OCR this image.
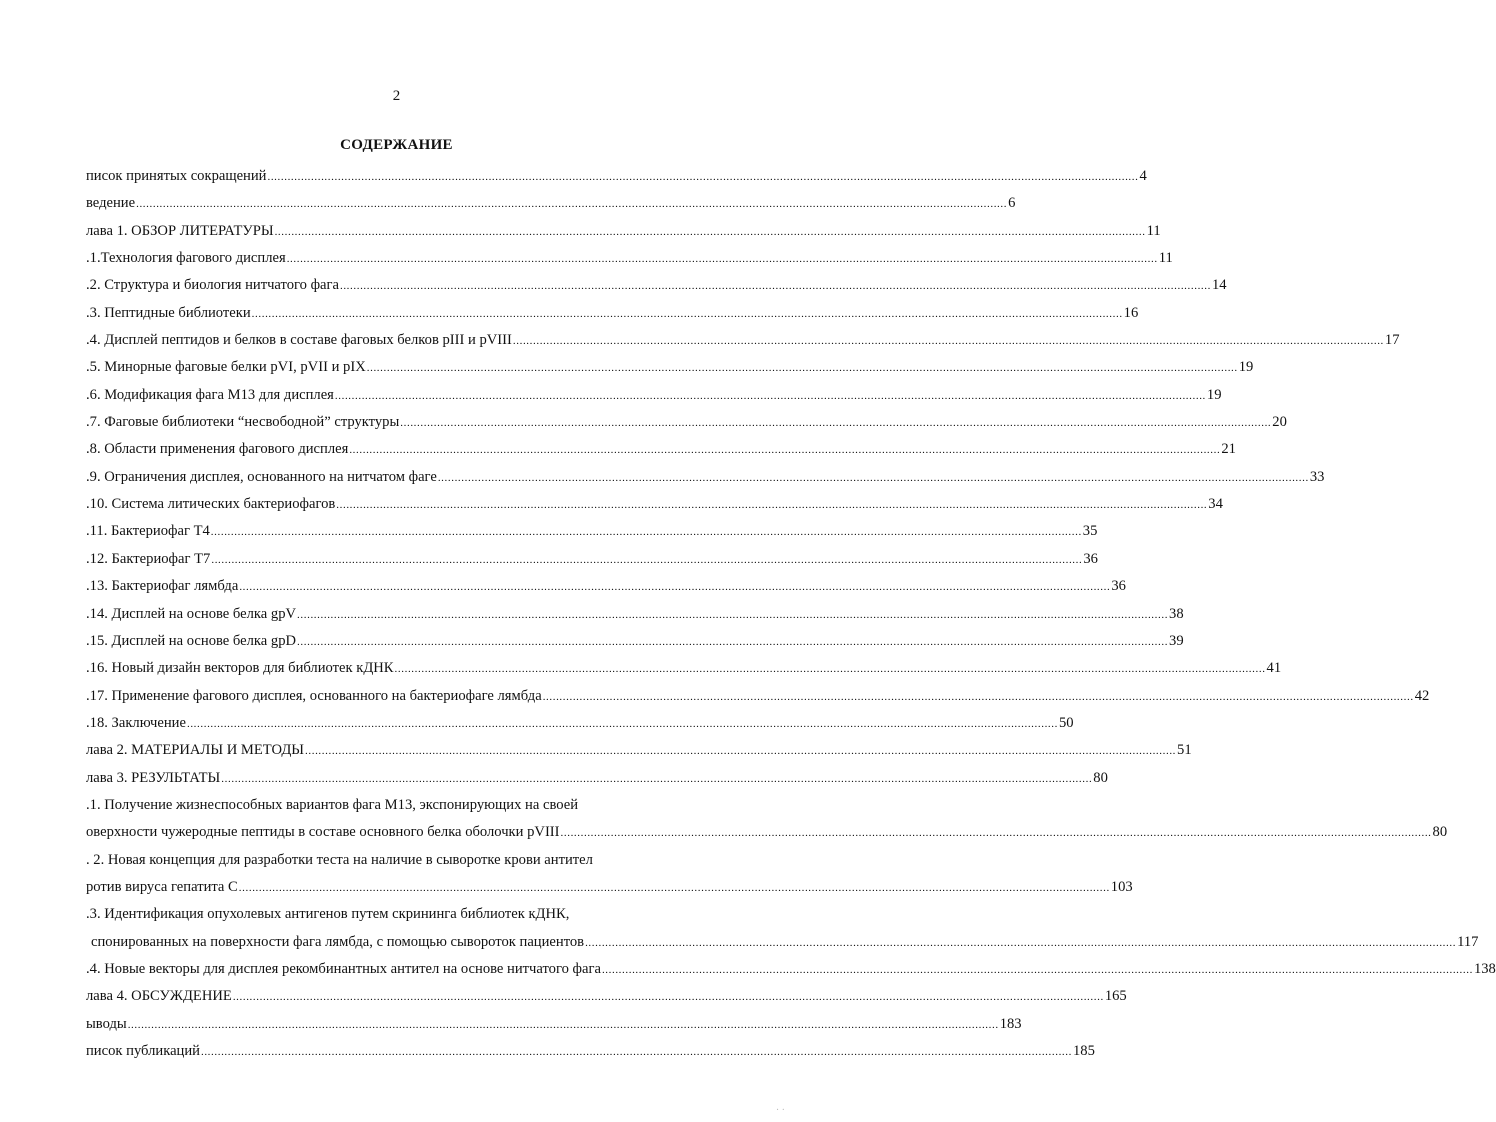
2
СОДЕРЖАНИЕ
писок принятых сокращений .................................................................................................................................................................................................................................................................... 4
ведение .................................................................................................................................................................................................................................................................... 6
лава 1. ОБЗОР ЛИТЕРАТУРЫ .................................................................................................................................................................................................................................................................... 11
.1.Технология фагового дисплея .................................................................................................................................................................................................................................................................... 11
.2. Структура и биология нитчатого фага .................................................................................................................................................................................................................................................................... 14
.3. Пептидные библиотеки .................................................................................................................................................................................................................................................................... 16
.4. Дисплей пептидов и белков в составе фаговых белков pIII и pVIII .................................................................................................................................................................................................................................................................... 17
.5. Минорные фаговые белки pVI, pVII и pIX .................................................................................................................................................................................................................................................................... 19
.6. Модификация фага М13 для дисплея .................................................................................................................................................................................................................................................................... 19
.7. Фаговые библиотеки “несвободной” структуры .................................................................................................................................................................................................................................................................... 20
.8. Области применения фагового дисплея .................................................................................................................................................................................................................................................................... 21
.9. Ограничения дисплея, основанного на нитчатом фаге .................................................................................................................................................................................................................................................................... 33
.10. Система литических бактериофагов .................................................................................................................................................................................................................................................................... 34
.11. Бактериофаг Т4 .................................................................................................................................................................................................................................................................... 35
.12. Бактериофаг Т7 .................................................................................................................................................................................................................................................................... 36
.13. Бактериофаг лямбда .................................................................................................................................................................................................................................................................... 36
.14. Дисплей на основе белка gpV .................................................................................................................................................................................................................................................................... 38
.15. Дисплей на основе белка gpD .................................................................................................................................................................................................................................................................... 39
.16. Новый дизайн векторов для библиотек кДНК .................................................................................................................................................................................................................................................................... 41
.17. Применение фагового дисплея, основанного на бактериофаге лямбда .................................................................................................................................................................................................................................................................... 42
.18. Заключение .................................................................................................................................................................................................................................................................... 50
лава 2. МАТЕРИАЛЫ И МЕТОДЫ .................................................................................................................................................................................................................................................................... 51
лава 3. РЕЗУЛЬТАТЫ .................................................................................................................................................................................................................................................................... 80
.1. Получение жизнеспособных вариантов фага М13, экспонирующих на своей
оверхности чужеродные пептиды в составе основного белка оболочки pVIII .................................................................................................................................................................................................................................................................... 80
. 2. Новая концепция для разработки теста на наличие в сыворотке крови антител
ротив вируса гепатита С .................................................................................................................................................................................................................................................................... 103
.3. Идентификация опухолевых антигенов путем скрининга библиотек кДНК,
спонированных на поверхности фага лямбда, с помощью сывороток пациентов .................................................................................................................................................................................................................................................................... 117
.4. Новые векторы для дисплея рекомбинантных антител на основе нитчатого фага .................................................................................................................................................................................................................................................................... 138
лава 4. ОБСУЖДЕНИЕ .................................................................................................................................................................................................................................................................... 165
ыводы .................................................................................................................................................................................................................................................................... 183
писок публикаций .................................................................................................................................................................................................................................................................... 185
· ·
